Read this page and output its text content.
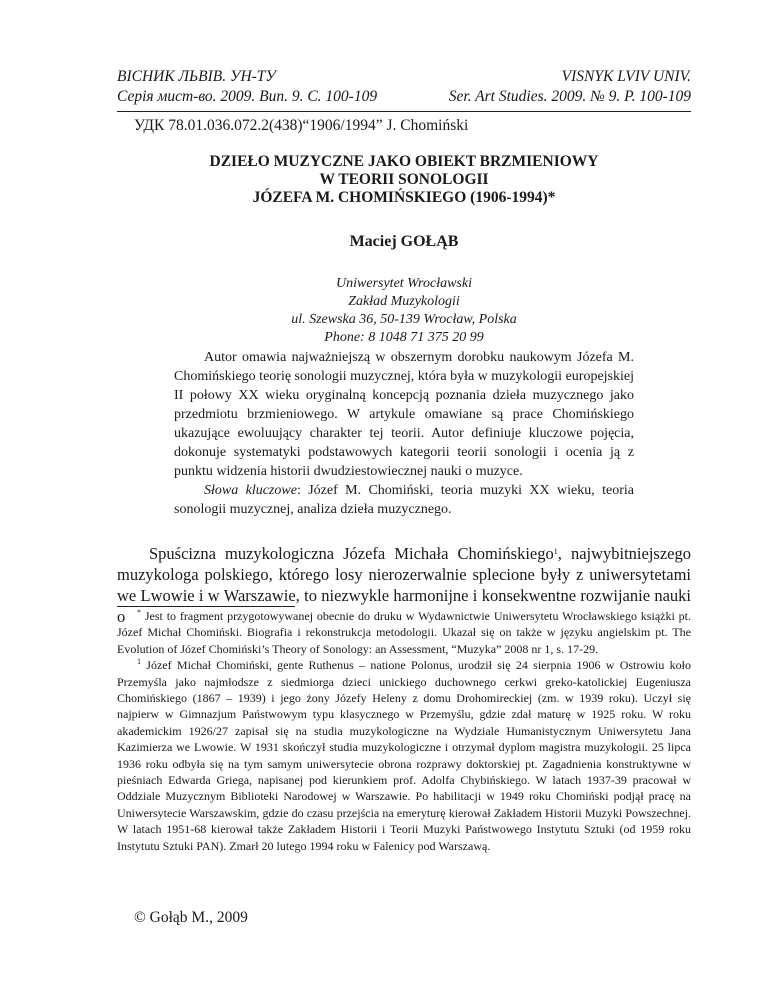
ВІСНИК ЛЬВІВ. УН-ТУ
Серія мист-во. 2009. Вип. 9. С. 100-109
VISNYK LVIV UNIV.
Ser. Art Studies. 2009. № 9. P. 100-109
УДК 78.01.036.072.2(438)“1906/1994” J. Chomiński
DZIEŁO MUZYCZNE JAKO OBIEKT BRZMIENIOWY
W TEORII SONOLOGII
JÓZEFA M. CHOMIŃSKIEGO (1906-1994)*
Maciej GOŁĄB
Uniwersytet Wrocławski
Zakład Muzykologii
ul. Szewska 36, 50-139 Wrocław, Polska
Phone: 8 1048 71 375 20 99

Autor omawia najważniejszą w obszernym dorobku naukowym Józefa M. Chomińskiego teorię sonologii muzycznej, która była w muzykologii europejskiej II połowy XX wieku oryginalną koncepcją poznania dzieła muzycznego jako przedmiotu brzmieniowego. W artykule omawiane są prace Chomińskiego ukazujące ewoluujący charakter tej teorii. Autor definiuje kluczowe pojęcia, dokonuje systematyki podstawowych kategorii teorii sonologii i ocenia ją z punktu widzenia historii dwudziestowiecznej nauki o muzyce.

Słowa kluczowe: Józef M. Chomiński, teoria muzyki XX wieku, teoria sonologii muzycznej, analiza dzieła muzycznego.

Spuścizna muzykologiczna Józefa Michała Chomińskiego$^1$, najwybitniejszego muzykologa polskiego, którego losy nierozerwalnie splecione były z uniwersytetami we Lwowie i w Warszawie, to niezwykle harmonijne i konsekwentne rozwijanie nauki o	* Jest to fragment przygotowywanej obecnie do druku w Wydawnictwie Uniwersytetu Wrocławskiego książki pt. Józef Michał Chomiński. Biografia i rekonstrukcja metodologii. Ukazał się on także w języku angielskim pt. The Evolution of Józef Chomiński’s Theory of Sonology: an Assessment, “Muzyka” 2008 nr 1, s. 17-29.

$^1$ Józef Michał Chomiński, gente Ruthenus – natione Polonus, urodził się 24 sierpnia 1906 w Ostrowiu koło Przemyśla jako najmłodsze z siedmiorga dzieci unickiego duchownego cerkwi greko-katolickiej Eugeniusza Chomińskiego (1867 – 1939) i jego żony Józefy Heleny z domu Drohomireckiej (zm. w 1939 roku). Uczył się najpierw w Gimnazjum Państwowym typu klasycznego w Przemyślu, gdzie zdał maturę w 1925 roku. W roku akademickim 1926/27 zapisał się na studia muzykologiczne na Wydziale Humanistycznym Uniwersytetu Jana Kazimierza we Lwowie. W 1931 skończył studia muzykologiczne i otrzymał dyplom magistra muzykologii. 25 lipca 1936 roku odbyła się na tym samym uniwersytecie obrona rozprawy doktorskiej pt. Zagadnienia konstruktywne w pieśniach Edwarda Griega, napisanej pod kierunkiem prof. Adolfa Chybińskiego. W latach 1937-39 pracował w Oddziale Muzycznym Biblioteki Narodowej w Warszawie. Po habilitacji w 1949 roku Chomiński podjął pracę na Uniwersytecie Warszawskim, gdzie do czasu przejścia na emeryturę kierował Zakładem Historii Muzyki Powszechnej. W latach 1951-68 kierował także Zakładem Historii i Teorii Muzyki Państwowego Instytutu Sztuki (od 1959 roku Instytutu Sztuki PAN). Zmarł 20 lutego 1994 roku w Falenicy pod Warszawą.

© Gołąb M., 2009
